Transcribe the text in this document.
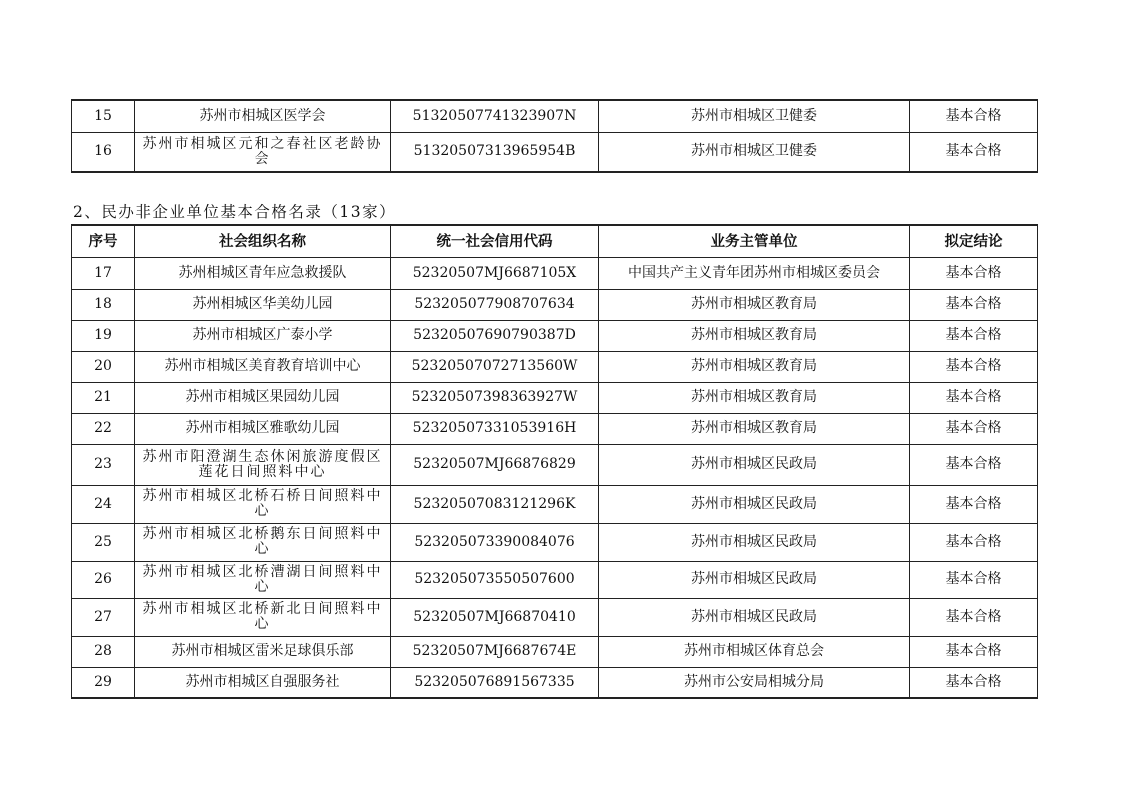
15	苏州市相城区医学会	51320507741323907N	苏州市相城区卫健委	基本合格
16	苏州市相城区元和之春社区老龄协会	51320507313965954B	苏州市相城区卫健委	基本合格
2、民办非企业单位基本合格名录（13家）
序号	社会组织名称	统一社会信用代码	业务主管单位	拟定结论
17	苏州相城区青年应急救援队	52320507MJ6687105X	中国共产主义青年团苏州市相城区委员会	基本合格
18	苏州相城区华美幼儿园	523205077908707634	苏州市相城区教育局	基本合格
19	苏州市相城区广泰小学	52320507690790387D	苏州市相城区教育局	基本合格
20	苏州市相城区美育教育培训中心	52320507072713560W	苏州市相城区教育局	基本合格
21	苏州市相城区果园幼儿园	52320507398363927W	苏州市相城区教育局	基本合格
22	苏州市相城区雅歌幼儿园	52320507331053916H	苏州市相城区教育局	基本合格
23	苏州市阳澄湖生态休闲旅游度假区莲花日间照料中心	52320507MJ66876829	苏州市相城区民政局	基本合格
24	苏州市相城区北桥石桥日间照料中心	52320507083121296K	苏州市相城区民政局	基本合格
25	苏州市相城区北桥鹅东日间照料中心	523205073390084076	苏州市相城区民政局	基本合格
26	苏州市相城区北桥漕湖日间照料中心	523205073550507600	苏州市相城区民政局	基本合格
27	苏州市相城区北桥新北日间照料中心	52320507MJ66870410	苏州市相城区民政局	基本合格
28	苏州市相城区雷米足球俱乐部	52320507MJ6687674E	苏州市相城区体育总会	基本合格
29	苏州市相城区自强服务社	523205076891567335	苏州市公安局相城分局	基本合格
